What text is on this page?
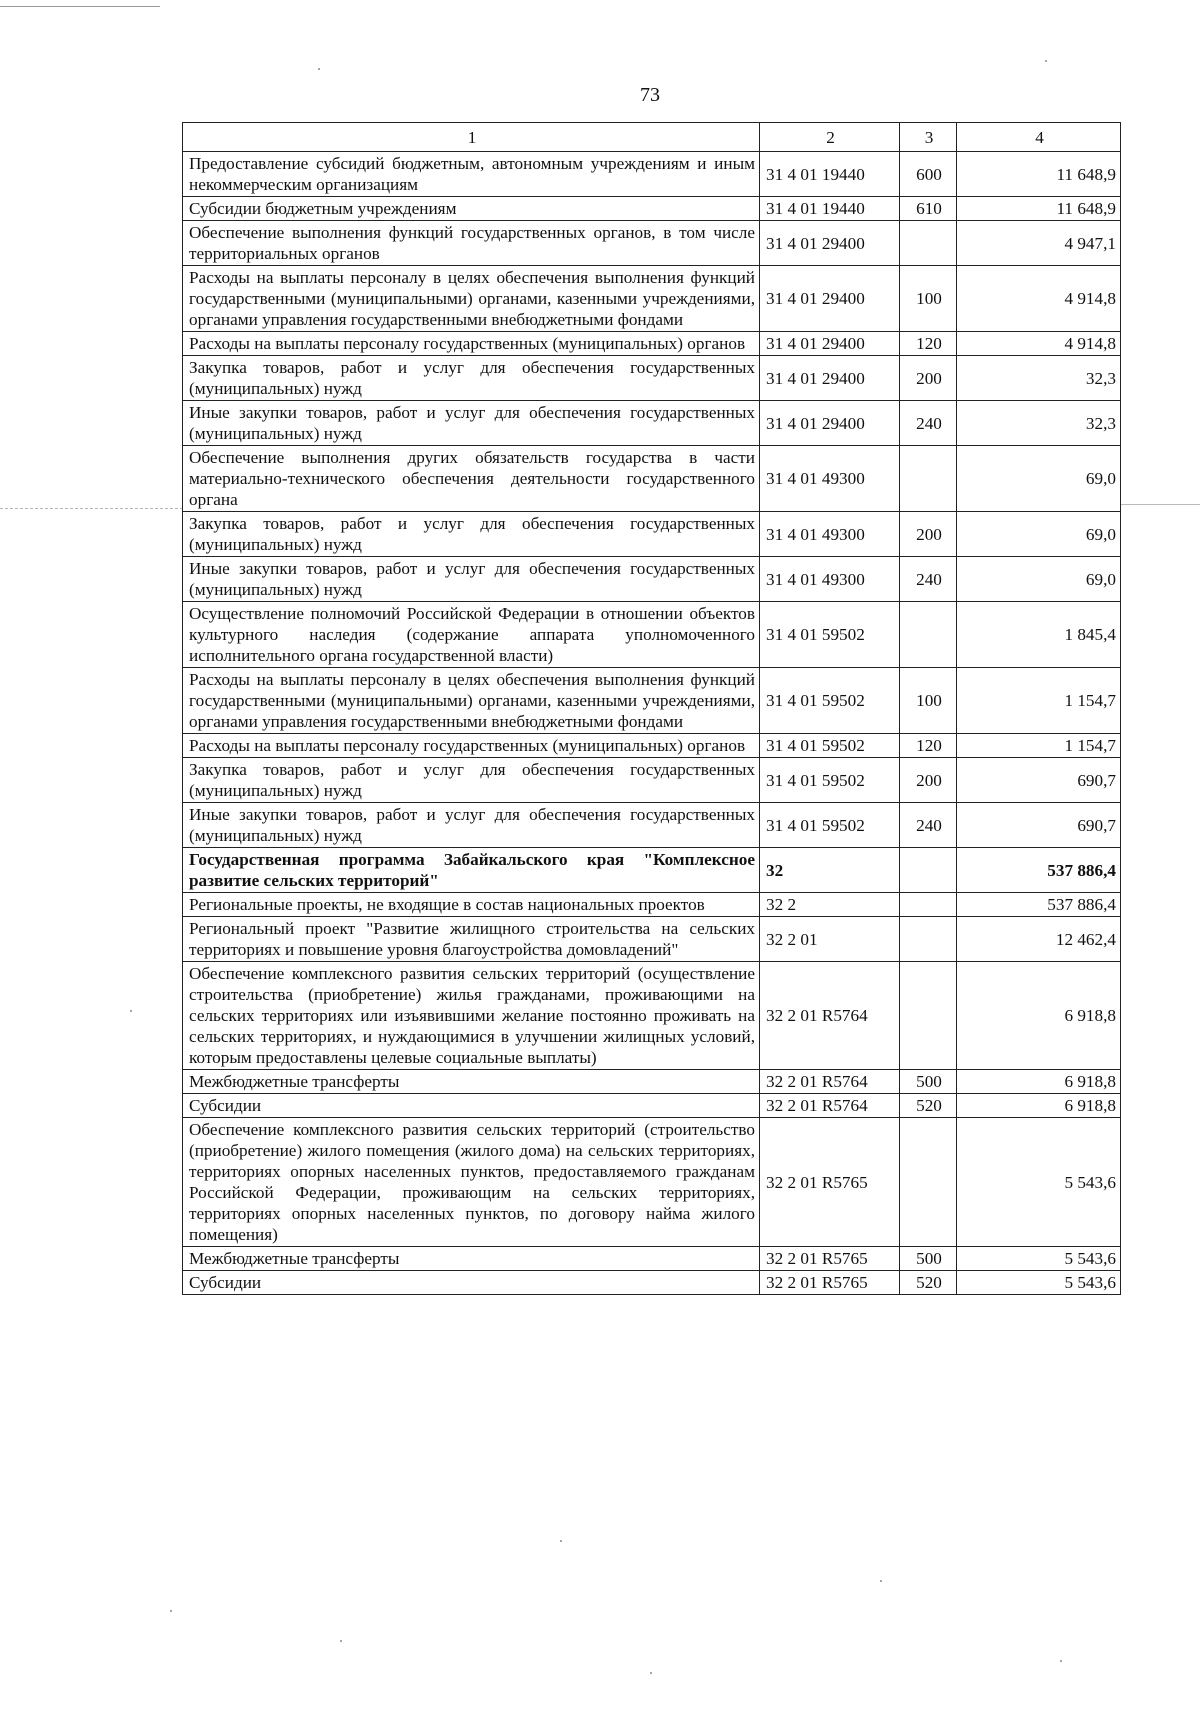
73
1	2	3	4
Предоставление субсидий бюджетным, автономным учреждениям и иным некоммерческим организациям	31 4 01 19440	600	11 648,9
Субсидии бюджетным учреждениям	31 4 01 19440	610	11 648,9
Обеспечение выполнения функций государственных органов, в том числе территориальных органов	31 4 01 29400		4 947,1
Расходы на выплаты персоналу в целях обеспечения выполнения функций государственными (муниципальными) органами, казенными учреждениями, органами управления государственными внебюджетными фондами	31 4 01 29400	100	4 914,8
Расходы на выплаты персоналу государственных (муниципальных) органов	31 4 01 29400	120	4 914,8
Закупка товаров, работ и услуг для обеспечения государственных (муниципальных) нужд	31 4 01 29400	200	32,3
Иные закупки товаров, работ и услуг для обеспечения государственных (муниципальных) нужд	31 4 01 29400	240	32,3
Обеспечение выполнения других обязательств государства в части материально-технического обеспечения деятельности государственного органа	31 4 01 49300		69,0
Закупка товаров, работ и услуг для обеспечения государственных (муниципальных) нужд	31 4 01 49300	200	69,0
Иные закупки товаров, работ и услуг для обеспечения государственных (муниципальных) нужд	31 4 01 49300	240	69,0
Осуществление полномочий Российской Федерации в отношении объектов культурного наследия (содержание аппарата уполномоченного исполнительного органа государственной власти)	31 4 01 59502		1 845,4
Расходы на выплаты персоналу в целях обеспечения выполнения функций государственными (муниципальными) органами, казенными учреждениями, органами управления государственными внебюджетными фондами	31 4 01 59502	100	1 154,7
Расходы на выплаты персоналу государственных (муниципальных) органов	31 4 01 59502	120	1 154,7
Закупка товаров, работ и услуг для обеспечения государственных (муниципальных) нужд	31 4 01 59502	200	690,7
Иные закупки товаров, работ и услуг для обеспечения государственных (муниципальных) нужд	31 4 01 59502	240	690,7
Государственная программа Забайкальского края "Комплексное развитие сельских территорий"	32		537 886,4
Региональные проекты, не входящие в состав национальных проектов	32 2		537 886,4
Региональный проект "Развитие жилищного строительства на сельских территориях и повышение уровня благоустройства домовладений"	32 2 01		12 462,4
Обеспечение комплексного развития сельских территорий (осуществление строительства (приобретение) жилья гражданами, проживающими на сельских территориях или изъявившими желание постоянно проживать на сельских территориях, и нуждающимися в улучшении жилищных условий, которым предоставлены целевые социальные выплаты)	32 2 01 R5764		6 918,8
Межбюджетные трансферты	32 2 01 R5764	500	6 918,8
Субсидии	32 2 01 R5764	520	6 918,8
Обеспечение комплексного развития сельских территорий (строительство (приобретение) жилого помещения (жилого дома) на сельских территориях, территориях опорных населенных пунктов, предоставляемого гражданам Российской Федерации, проживающим на сельских территориях, территориях опорных населенных пунктов, по договору найма жилого помещения)	32 2 01 R5765		5 543,6
Межбюджетные трансферты	32 2 01 R5765	500	5 543,6
Субсидии	32 2 01 R5765	520	5 543,6
